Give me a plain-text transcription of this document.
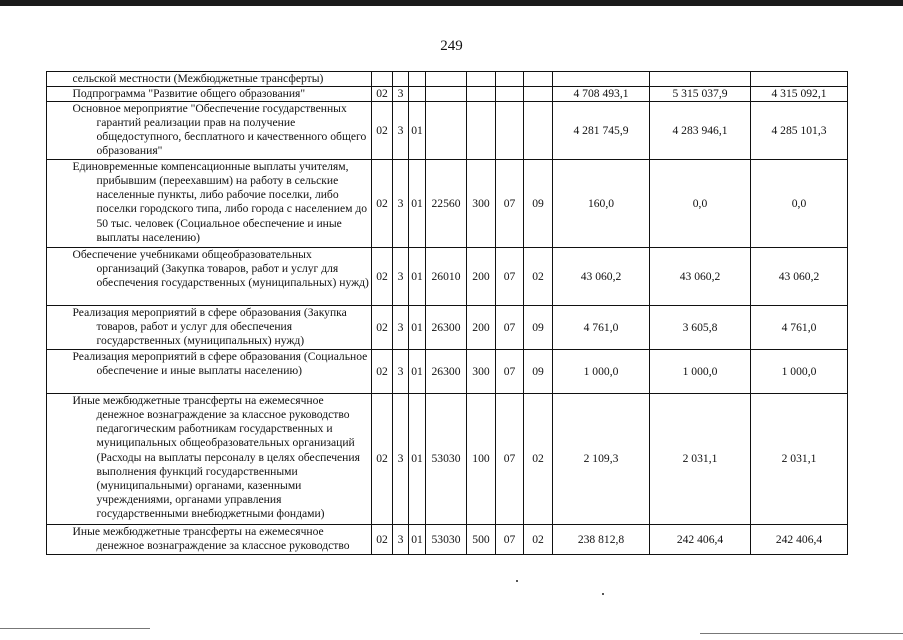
249
	сельской местности (Межбюджетные трансферты)										
	Подпрограмма "Развитие общего образования"	02	3						4 708 493,1	5 315 037,9	4 315 092,1
	Основное мероприятие "Обеспечение государственных гарантий реализации прав на получение общедоступного, бесплатного и качественного общего образования"	02	3	01					4 281 745,9	4 283 946,1	4 285 101,3
	Единовременные компенсационные выплаты учителям, прибывшим (переехавшим) на работу в сельские населенные пункты, либо рабочие поселки, либо поселки городского типа, либо города с населением до 50 тыс. человек (Социальное обеспечение и иные выплаты населению)	02	3	01	22560	300	07	09	160,0	0,0	0,0
	Обеспечение учебниками общеобразовательных организаций (Закупка товаров, работ и услуг для обеспечения государственных (муниципальных) нужд)	02	3	01	26010	200	07	02	43 060,2	43 060,2	43 060,2
	Реализация мероприятий в сфере образования (Закупка товаров, работ и услуг для обеспечения государственных (муниципальных) нужд)	02	3	01	26300	200	07	09	4 761,0	3 605,8	4 761,0
	Реализация мероприятий в сфере образования (Социальное обеспечение и иные выплаты населению)	02	3	01	26300	300	07	09	1 000,0	1 000,0	1 000,0
	Иные межбюджетные трансферты на ежемесячное денежное вознаграждение за классное руководство педагогическим работникам государственных и муниципальных общеобразовательных организаций (Расходы на выплаты персоналу в целях обеспечения выполнения функций государственными (муниципальными) органами, казенными учреждениями, органами управления государственными внебюджетными фондами)	02	3	01	53030	100	07	02	2 109,3	2 031,1	2 031,1
	Иные межбюджетные трансферты на ежемесячное денежное вознаграждение за классное руководство	02	3	01	53030	500	07	02	238 812,8	242 406,4	242 406,4
